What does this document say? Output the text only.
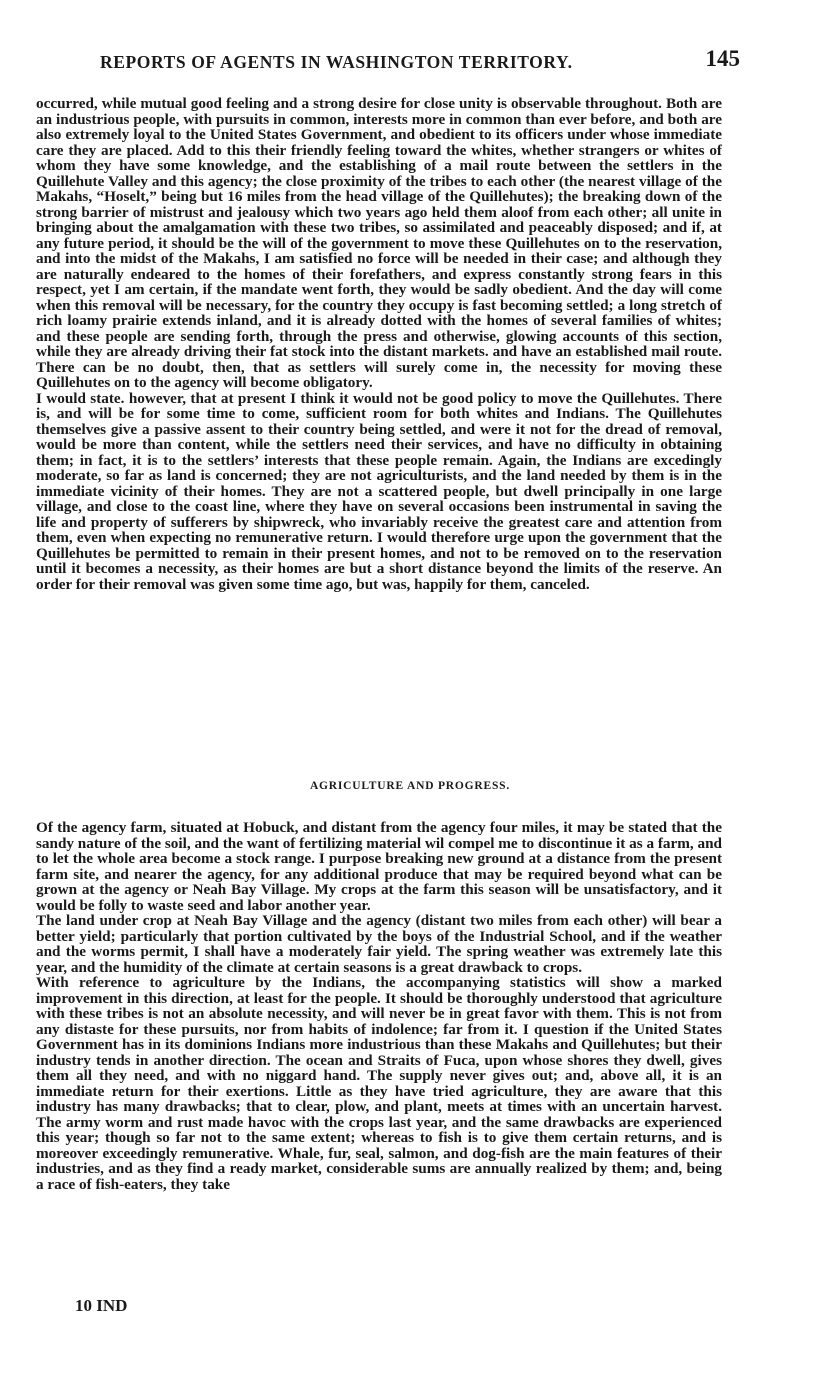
REPORTS OF AGENTS IN WASHINGTON TERRITORY.	145

occurred, while mutual good feeling and a strong desire for close unity is observable throughout. Both are an industrious people, with pursuits in common, interests more in common than ever before, and both are also extremely loyal to the United States Government, and obedient to its officers under whose immediate care they are placed. Add to this their friendly feeling toward the whites, whether strangers or whites of whom they have some knowledge, and the establishing of a mail route between the settlers in the Quillehute Valley and this agency; the close proximity of the tribes to each other (the nearest village of the Makahs, “Hoselt,” being but 16 miles from the head village of the Quillehutes); the breaking down of the strong barrier of mistrust and jealousy which two years ago held them aloof from each other; all unite in bringing about the amalgamation with these two tribes, so assimilated and peaceably disposed; and if, at any future period, it should be the will of the government to move these Quillehutes on to the reservation, and into the midst of the Makahs, I am satisfied no force will be needed in their case; and although they are naturally endeared to the homes of their forefathers, and express constantly strong fears in this respect, yet I am certain, if the mandate went forth, they would be sadly obedient. And the day will come when this removal will be necessary, for the country they occupy is fast becoming settled; a long stretch of rich loamy prairie extends inland, and it is already dotted with the homes of several families of whites; and these people are sending forth, through the press and otherwise, glowing accounts of this section, while they are already driving their fat stock into the distant markets. and have an established mail route. There can be no doubt, then, that as settlers will surely come in, the necessity for moving these Quillehutes on to the agency will become obligatory.

I would state. however, that at present I think it would not be good policy to move the Quillehutes. There is, and will be for some time to come, sufficient room for both whites and Indians. The Quillehutes themselves give a passive assent to their country being settled, and were it not for the dread of removal, would be more than content, while the settlers need their services, and have no difficulty in obtaining them; in fact, it is to the settlers’ interests that these people remain. Again, the Indians are excedingly moderate, so far as land is concerned; they are not agriculturists, and the land needed by them is in the immediate vicinity of their homes. They are not a scattered people, but dwell principally in one large village, and close to the coast line, where they have on several occasions been instrumental in saving the life and property of sufferers by shipwreck, who invariably receive the greatest care and attention from them, even when expecting no remunerative return. I would therefore urge upon the government that the Quillehutes be permitted to remain in their present homes, and not to be removed on to the reservation until it becomes a necessity, as their homes are but a short distance beyond the limits of the reserve. An order for their removal was given some time ago, but was, happily for them, canceled.

AGRICULTURE AND PROGRESS.

Of the agency farm, situated at Hobuck, and distant from the agency four miles, it may be stated that the sandy nature of the soil, and the want of fertilizing material wil compel me to discontinue it as a farm, and to let the whole area become a stock range. I purpose breaking new ground at a distance from the present farm site, and nearer the agency, for any additional produce that may be required beyond what can be grown at the agency or Neah Bay Village. My crops at the farm this season will be unsatisfactory, and it would be folly to waste seed and labor another year.

The land under crop at Neah Bay Village and the agency (distant two miles from each other) will bear a better yield; particularly that portion cultivated by the boys of the Industrial School, and if the weather and the worms permit, I shall have a moderately fair yield. The spring weather was extremely late this year, and the humidity of the climate at certain seasons is a great drawback to crops.

With reference to agriculture by the Indians, the accompanying statistics will show a marked improvement in this direction, at least for the people. It should be thoroughly understood that agriculture with these tribes is not an absolute necessity, and will never be in great favor with them. This is not from any distaste for these pursuits, nor from habits of indolence; far from it. I question if the United States Government has in its dominions Indians more industrious than these Makahs and Quillehutes; but their industry tends in another direction. The ocean and Straits of Fuca, upon whose shores they dwell, gives them all they need, and with no niggard hand. The supply never gives out; and, above all, it is an immediate return for their exertions. Little as they have tried agriculture, they are aware that this industry has many drawbacks; that to clear, plow, and plant, meets at times with an uncertain harvest. The army worm and rust made havoc with the crops last year, and the same drawbacks are experienced this year; though so far not to the same extent; whereas to fish is to give them certain returns, and is moreover exceedingly remunerative. Whale, fur, seal, salmon, and dog-fish are the main features of their industries, and as they find a ready market, considerable sums are annually realized by them; and, being a race of fish-eaters, they take

10 IND
